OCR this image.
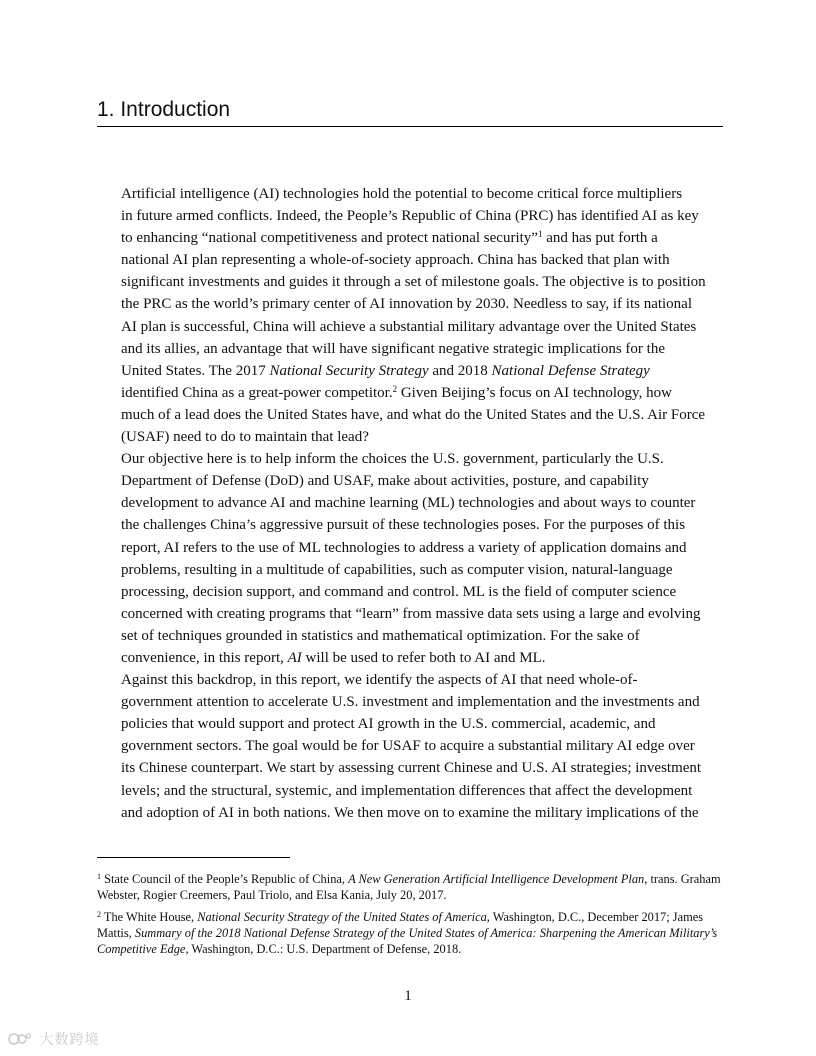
1. Introduction

Artificial intelligence (AI) technologies hold the potential to become critical force multipliers
in future armed conflicts. Indeed, the People’s Republic of China (PRC) has identified AI as key
to enhancing “national competitiveness and protect national security”$^1$ and has put forth a
national AI plan representing a whole-of-society approach. China has backed that plan with
significant investments and guides it through a set of milestone goals. The objective is to position
the PRC as the world’s primary center of AI innovation by 2030. Needless to say, if its national
AI plan is successful, China will achieve a substantial military advantage over the United States
and its allies, an advantage that will have significant negative strategic implications for the
United States. The 2017 National Security Strategy and 2018 National Defense Strategy
identified China as a great-power competitor.$^2$ Given Beijing’s focus on AI technology, how
much of a lead does the United States have, and what do the United States and the U.S. Air Force
(USAF) need to do to maintain that lead?

Our objective here is to help inform the choices the U.S. government, particularly the U.S.
Department of Defense (DoD) and USAF, make about activities, posture, and capability
development to advance AI and machine learning (ML) technologies and about ways to counter
the challenges China’s aggressive pursuit of these technologies poses. For the purposes of this
report, AI refers to the use of ML technologies to address a variety of application domains and
problems, resulting in a multitude of capabilities, such as computer vision, natural-language
processing, decision support, and command and control. ML is the field of computer science
concerned with creating programs that “learn” from massive data sets using a large and evolving
set of techniques grounded in statistics and mathematical optimization. For the sake of
convenience, in this report, AI will be used to refer both to AI and ML.

Against this backdrop, in this report, we identify the aspects of AI that need whole-of-
government attention to accelerate U.S. investment and implementation and the investments and
policies that would support and protect AI growth in the U.S. commercial, academic, and
government sectors. The goal would be for USAF to acquire a substantial military AI edge over
its Chinese counterpart. We start by assessing current Chinese and U.S. AI strategies; investment
levels; and the structural, systemic, and implementation differences that affect the development
and adoption of AI in both nations. We then move on to examine the military implications of the

$^1$ State Council of the People’s Republic of China, A New Generation Artificial Intelligence Development Plan, trans. Graham Webster, Rogier Creemers, Paul Triolo, and Elsa Kania, July 20, 2017.

$^2$ The White House, National Security Strategy of the United States of America, Washington, D.C., December 2017; James Mattis, Summary of the 2018 National Defense Strategy of the United States of America: Sharpening the American Military’s Competitive Edge, Washington, D.C.: U.S. Department of Defense, 2018.

1
大数跨境
